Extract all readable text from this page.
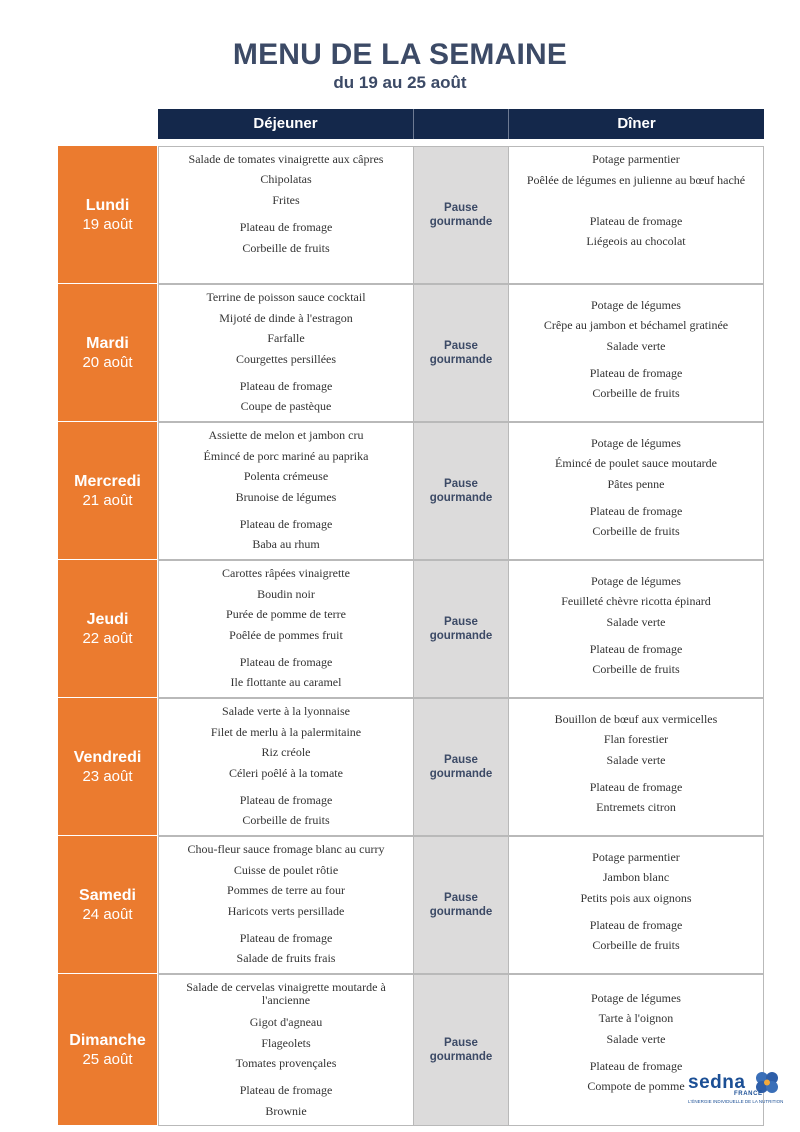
MENU DE LA SEMAINE
du 19 au 25 août
Déjeuner	Dîner
Lundi
19 août
Salade de tomates vinaigrette aux câpres
Chipolatas
Frites
Plateau de fromage
Corbeille de fruits
Pause gourmande
Potage parmentier
Poêlée de légumes en julienne au bœuf haché
Plateau de fromage
Liégeois au chocolat
Mardi
20 août
Terrine de poisson sauce cocktail
Mijoté de dinde à l'estragon
Farfalle
Courgettes persillées
Plateau de fromage
Coupe de pastèque
Pause gourmande
Potage de légumes
Crêpe au jambon et béchamel gratinée
Salade verte
Plateau de fromage
Corbeille de fruits
Mercredi
21 août
Assiette de melon et jambon cru
Émincé de porc mariné au paprika
Polenta crémeuse
Brunoise de légumes
Plateau de fromage
Baba au rhum
Pause gourmande
Potage de légumes
Émincé de poulet sauce moutarde
Pâtes penne
Plateau de fromage
Corbeille de fruits
Jeudi
22 août
Carottes râpées vinaigrette
Boudin noir
Purée de pomme de terre
Poêlée de pommes fruit
Plateau de fromage
Ile flottante au caramel
Pause gourmande
Potage de légumes
Feuilleté chèvre ricotta épinard
Salade verte
Plateau de fromage
Corbeille de fruits
Vendredi
23 août
Salade verte à la lyonnaise
Filet de merlu à la palermitaine
Riz créole
Céleri poêlé à la tomate
Plateau de fromage
Corbeille de fruits
Pause gourmande
Bouillon de bœuf aux vermicelles
Flan forestier
Salade verte
Plateau de fromage
Entremets citron
Samedi
24 août
Chou-fleur sauce fromage blanc au curry
Cuisse de poulet rôtie
Pommes de terre au four
Haricots verts persillade
Plateau de fromage
Salade de fruits frais
Pause gourmande
Potage parmentier
Jambon blanc
Petits pois aux oignons
Plateau de fromage
Corbeille de fruits
Dimanche
25 août
Salade de cervelas vinaigrette moutarde à l'ancienne
Gigot d'agneau
Flageolets
Tomates provençales
Plateau de fromage
Brownie
Pause gourmande
Potage de légumes
Tarte à l'oignon
Salade verte
Plateau de fromage
Compote de pomme sedna
FRANCE
L'ÉNERGIE INDIVIDUELLE DE LA NUTRITION
